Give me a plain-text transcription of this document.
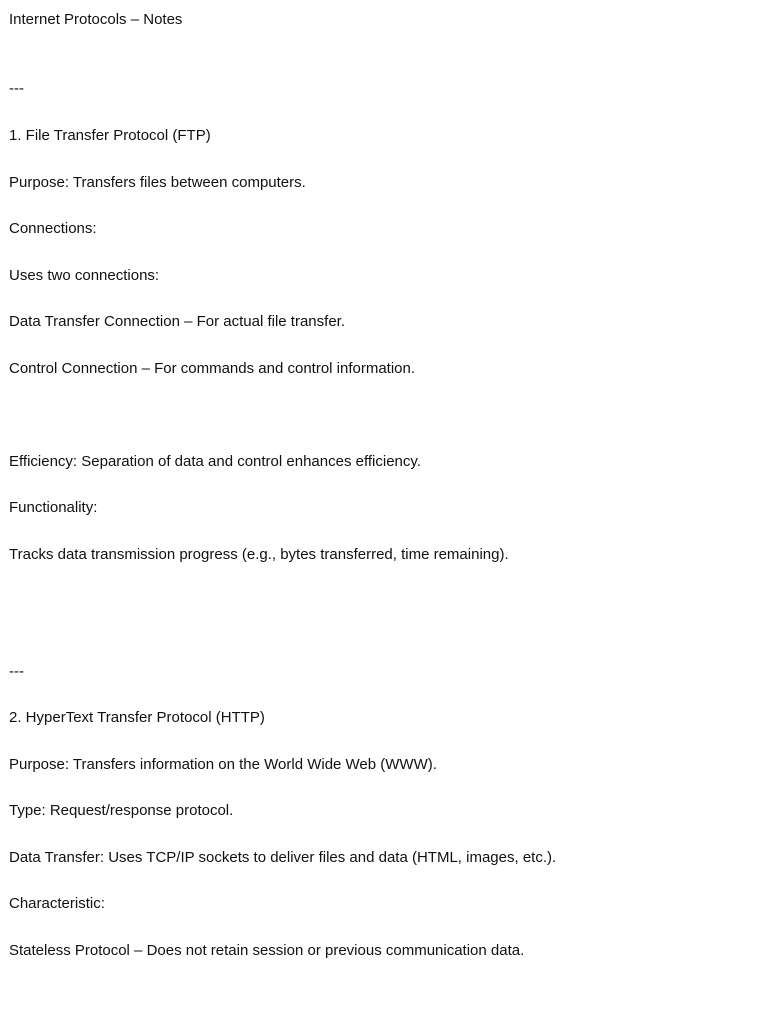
Internet Protocols – Notes

---

1. File Transfer Protocol (FTP)

Purpose: Transfers files between computers.

Connections:

Uses two connections:

Data Transfer Connection – For actual file transfer.

Control Connection – For commands and control information.

Efficiency: Separation of data and control enhances efficiency.

Functionality:

Tracks data transmission progress (e.g., bytes transferred, time remaining).

---

2. HyperText Transfer Protocol (HTTP)

Purpose: Transfers information on the World Wide Web (WWW).

Type: Request/response protocol.

Data Transfer: Uses TCP/IP sockets to deliver files and data (HTML, images, etc.).

Characteristic:

Stateless Protocol – Does not retain session or previous communication data.
